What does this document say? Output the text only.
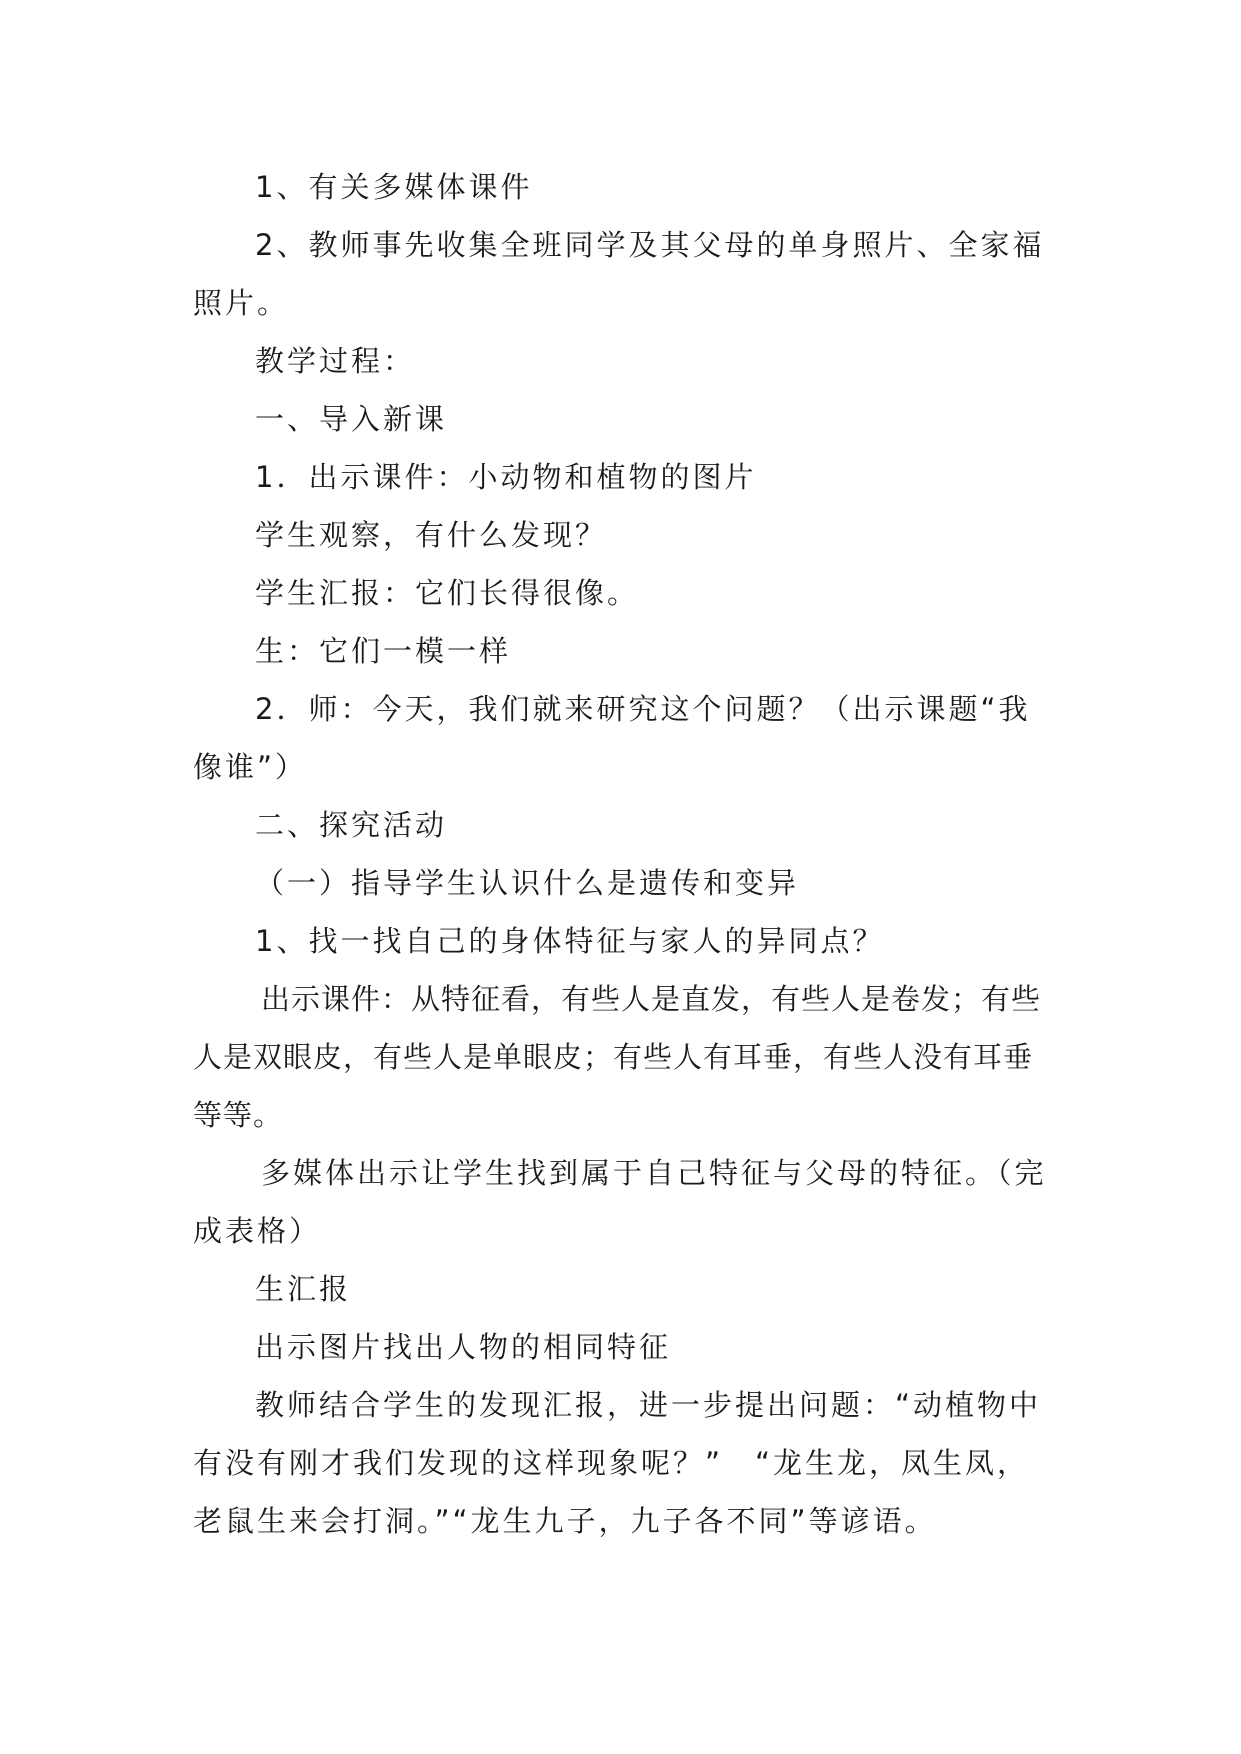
1、有关多媒体课件

2、教师事先收集全班同学及其父母的单身照片、全家福照片。

教学过程：

一、导入新课

1．出示课件：小动物和植物的图片

学生观察，有什么发现？

学生汇报：它们长得很像。

生：它们一模一样

2．师：今天，我们就来研究这个问题？（出示课题“我像谁”）

二、探究活动

（一）指导学生认识什么是遗传和变异

1、找一找自己的身体特征与家人的异同点？

出示课件：从特征看，有些人是直发，有些人是卷发；有些人是双眼皮，有些人是单眼皮；有些人有耳垂，有些人没有耳垂等等。

多媒体出示让学生找到属于自己特征与父母的特征。（完成表格）

生汇报

出示图片找出人物的相同特征

教师结合学生的发现汇报，进一步提出问题：“动植物中有没有刚才我们发现的这样现象呢？”　“龙生龙，凤生凤，老鼠生来会打洞。”“龙生九子，九子各不同”等谚语。
